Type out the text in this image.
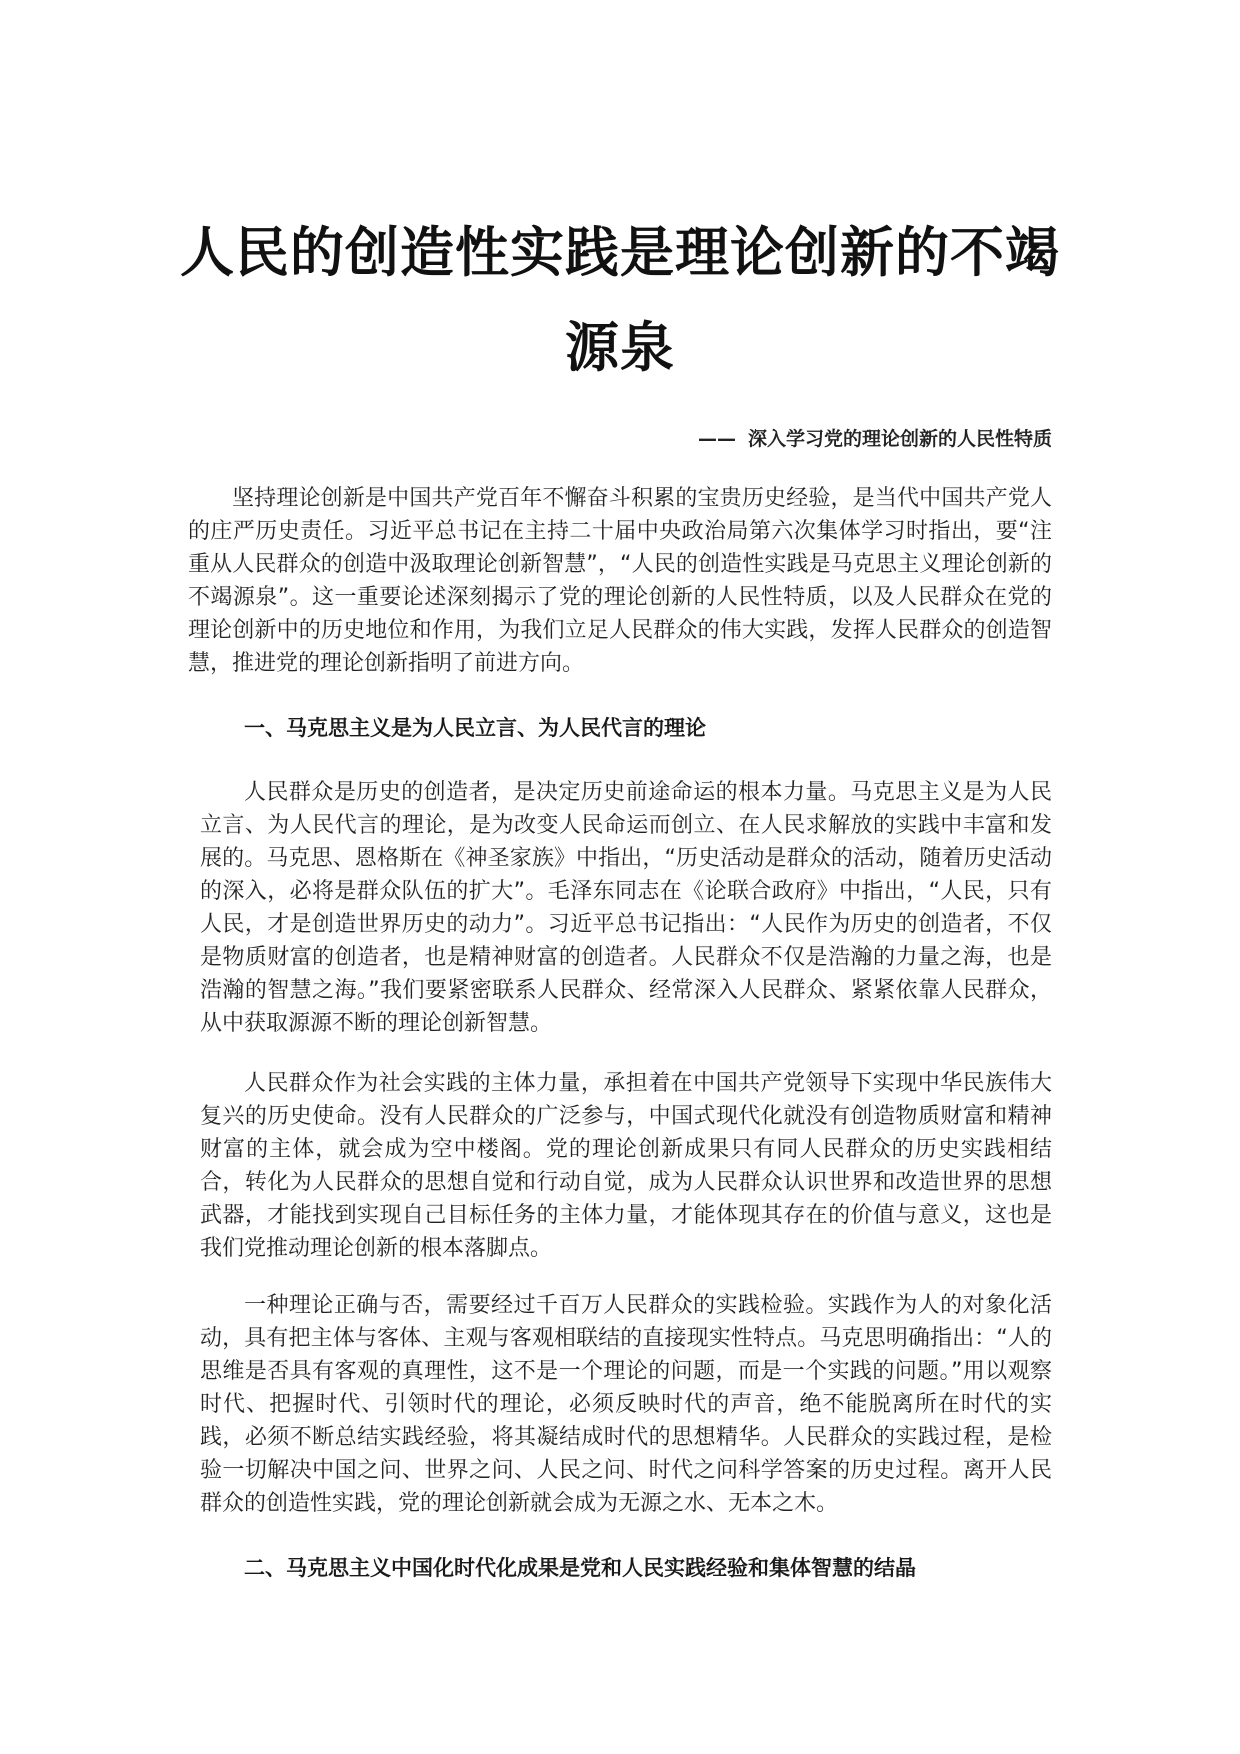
人民的创造性实践是理论创新的不竭
源泉
—— 深入学习党的理论创新的人民性特质

坚持理论创新是中国共产党百年不懈奋斗积累的宝贵历史经验，是当代中国共产党人的庄严历史责任。习近平总书记在主持二十届中央政治局第六次集体学习时指出，要“注重从人民群众的创造中汲取理论创新智慧”，“人民的创造性实践是马克思主义理论创新的不竭源泉”。这一重要论述深刻揭示了党的理论创新的人民性特质，以及人民群众在党的理论创新中的历史地位和作用，为我们立足人民群众的伟大实践，发挥人民群众的创造智慧，推进党的理论创新指明了前进方向。

一、马克思主义是为人民立言、为人民代言的理论

人民群众是历史的创造者，是决定历史前途命运的根本力量。马克思主义是为人民立言、为人民代言的理论，是为改变人民命运而创立、在人民求解放的实践中丰富和发展的。马克思、恩格斯在《神圣家族》中指出，“历史活动是群众的活动，随着历史活动的深入，必将是群众队伍的扩大”。毛泽东同志在《论联合政府》中指出，“人民，只有人民，才是创造世界历史的动力”。习近平总书记指出：“人民作为历史的创造者，不仅是物质财富的创造者，也是精神财富的创造者。人民群众不仅是浩瀚的力量之海，也是浩瀚的智慧之海。”我们要紧密联系人民群众、经常深入人民群众、紧紧依靠人民群众，从中获取源源不断的理论创新智慧。

人民群众作为社会实践的主体力量，承担着在中国共产党领导下实现中华民族伟大复兴的历史使命。没有人民群众的广泛参与，中国式现代化就没有创造物质财富和精神财富的主体，就会成为空中楼阁。党的理论创新成果只有同人民群众的历史实践相结合，转化为人民群众的思想自觉和行动自觉，成为人民群众认识世界和改造世界的思想武器，才能找到实现自己目标任务的主体力量，才能体现其存在的价值与意义，这也是我们党推动理论创新的根本落脚点。

一种理论正确与否，需要经过千百万人民群众的实践检验。实践作为人的对象化活动，具有把主体与客体、主观与客观相联结的直接现实性特点。马克思明确指出：“人的思维是否具有客观的真理性，这不是一个理论的问题，而是一个实践的问题。”用以观察时代、把握时代、引领时代的理论，必须反映时代的声音，绝不能脱离所在时代的实践，必须不断总结实践经验，将其凝结成时代的思想精华。人民群众的实践过程，是检验一切解决中国之问、世界之问、人民之问、时代之问科学答案的历史过程。离开人民群众的创造性实践，党的理论创新就会成为无源之水、无本之木。

二、马克思主义中国化时代化成果是党和人民实践经验和集体智慧的结晶
